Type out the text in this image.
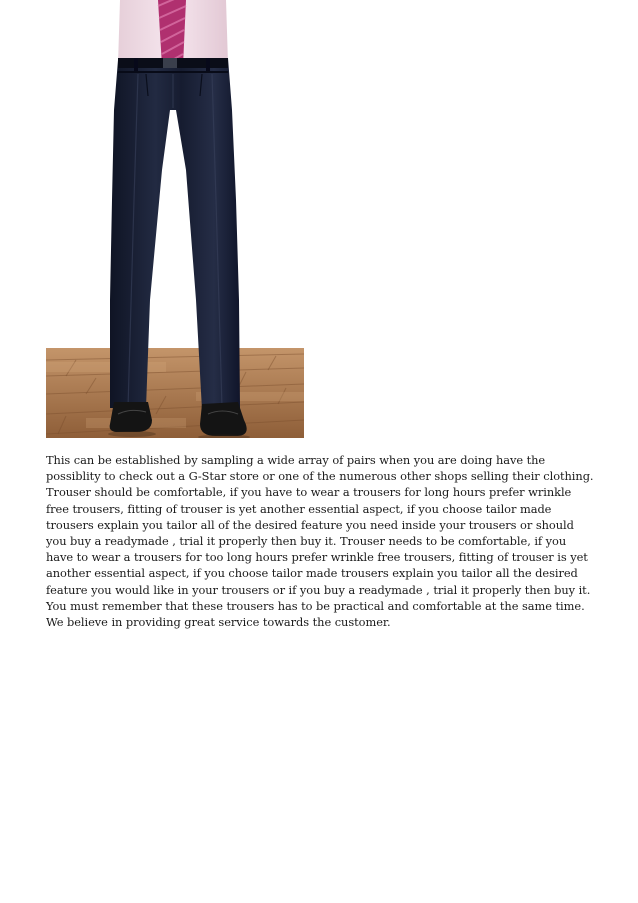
This can be established by sampling a wide array of pairs when you are doing have the possiblity to check out a G-Star store or one of the numerous other shops selling their clothing. Trouser should be comfortable, if you have to wear a trousers for long hours prefer wrinkle free trousers, fitting of trouser is yet another essential aspect, if you choose tailor made trousers explain you tailor all of the desired feature you need inside your trousers or should you buy a readymade , trial it properly then buy it. Trouser needs to be comfortable, if you have to wear a trousers for too long hours prefer wrinkle free trousers, fitting of trouser is yet another essential aspect, if you choose tailor made trousers explain you tailor all the desired feature you would like in your trousers or if you buy a readymade , trial it properly then buy it. You must remember that these trousers has to be practical and comfortable at the same time. We believe in providing great service towards the customer.
